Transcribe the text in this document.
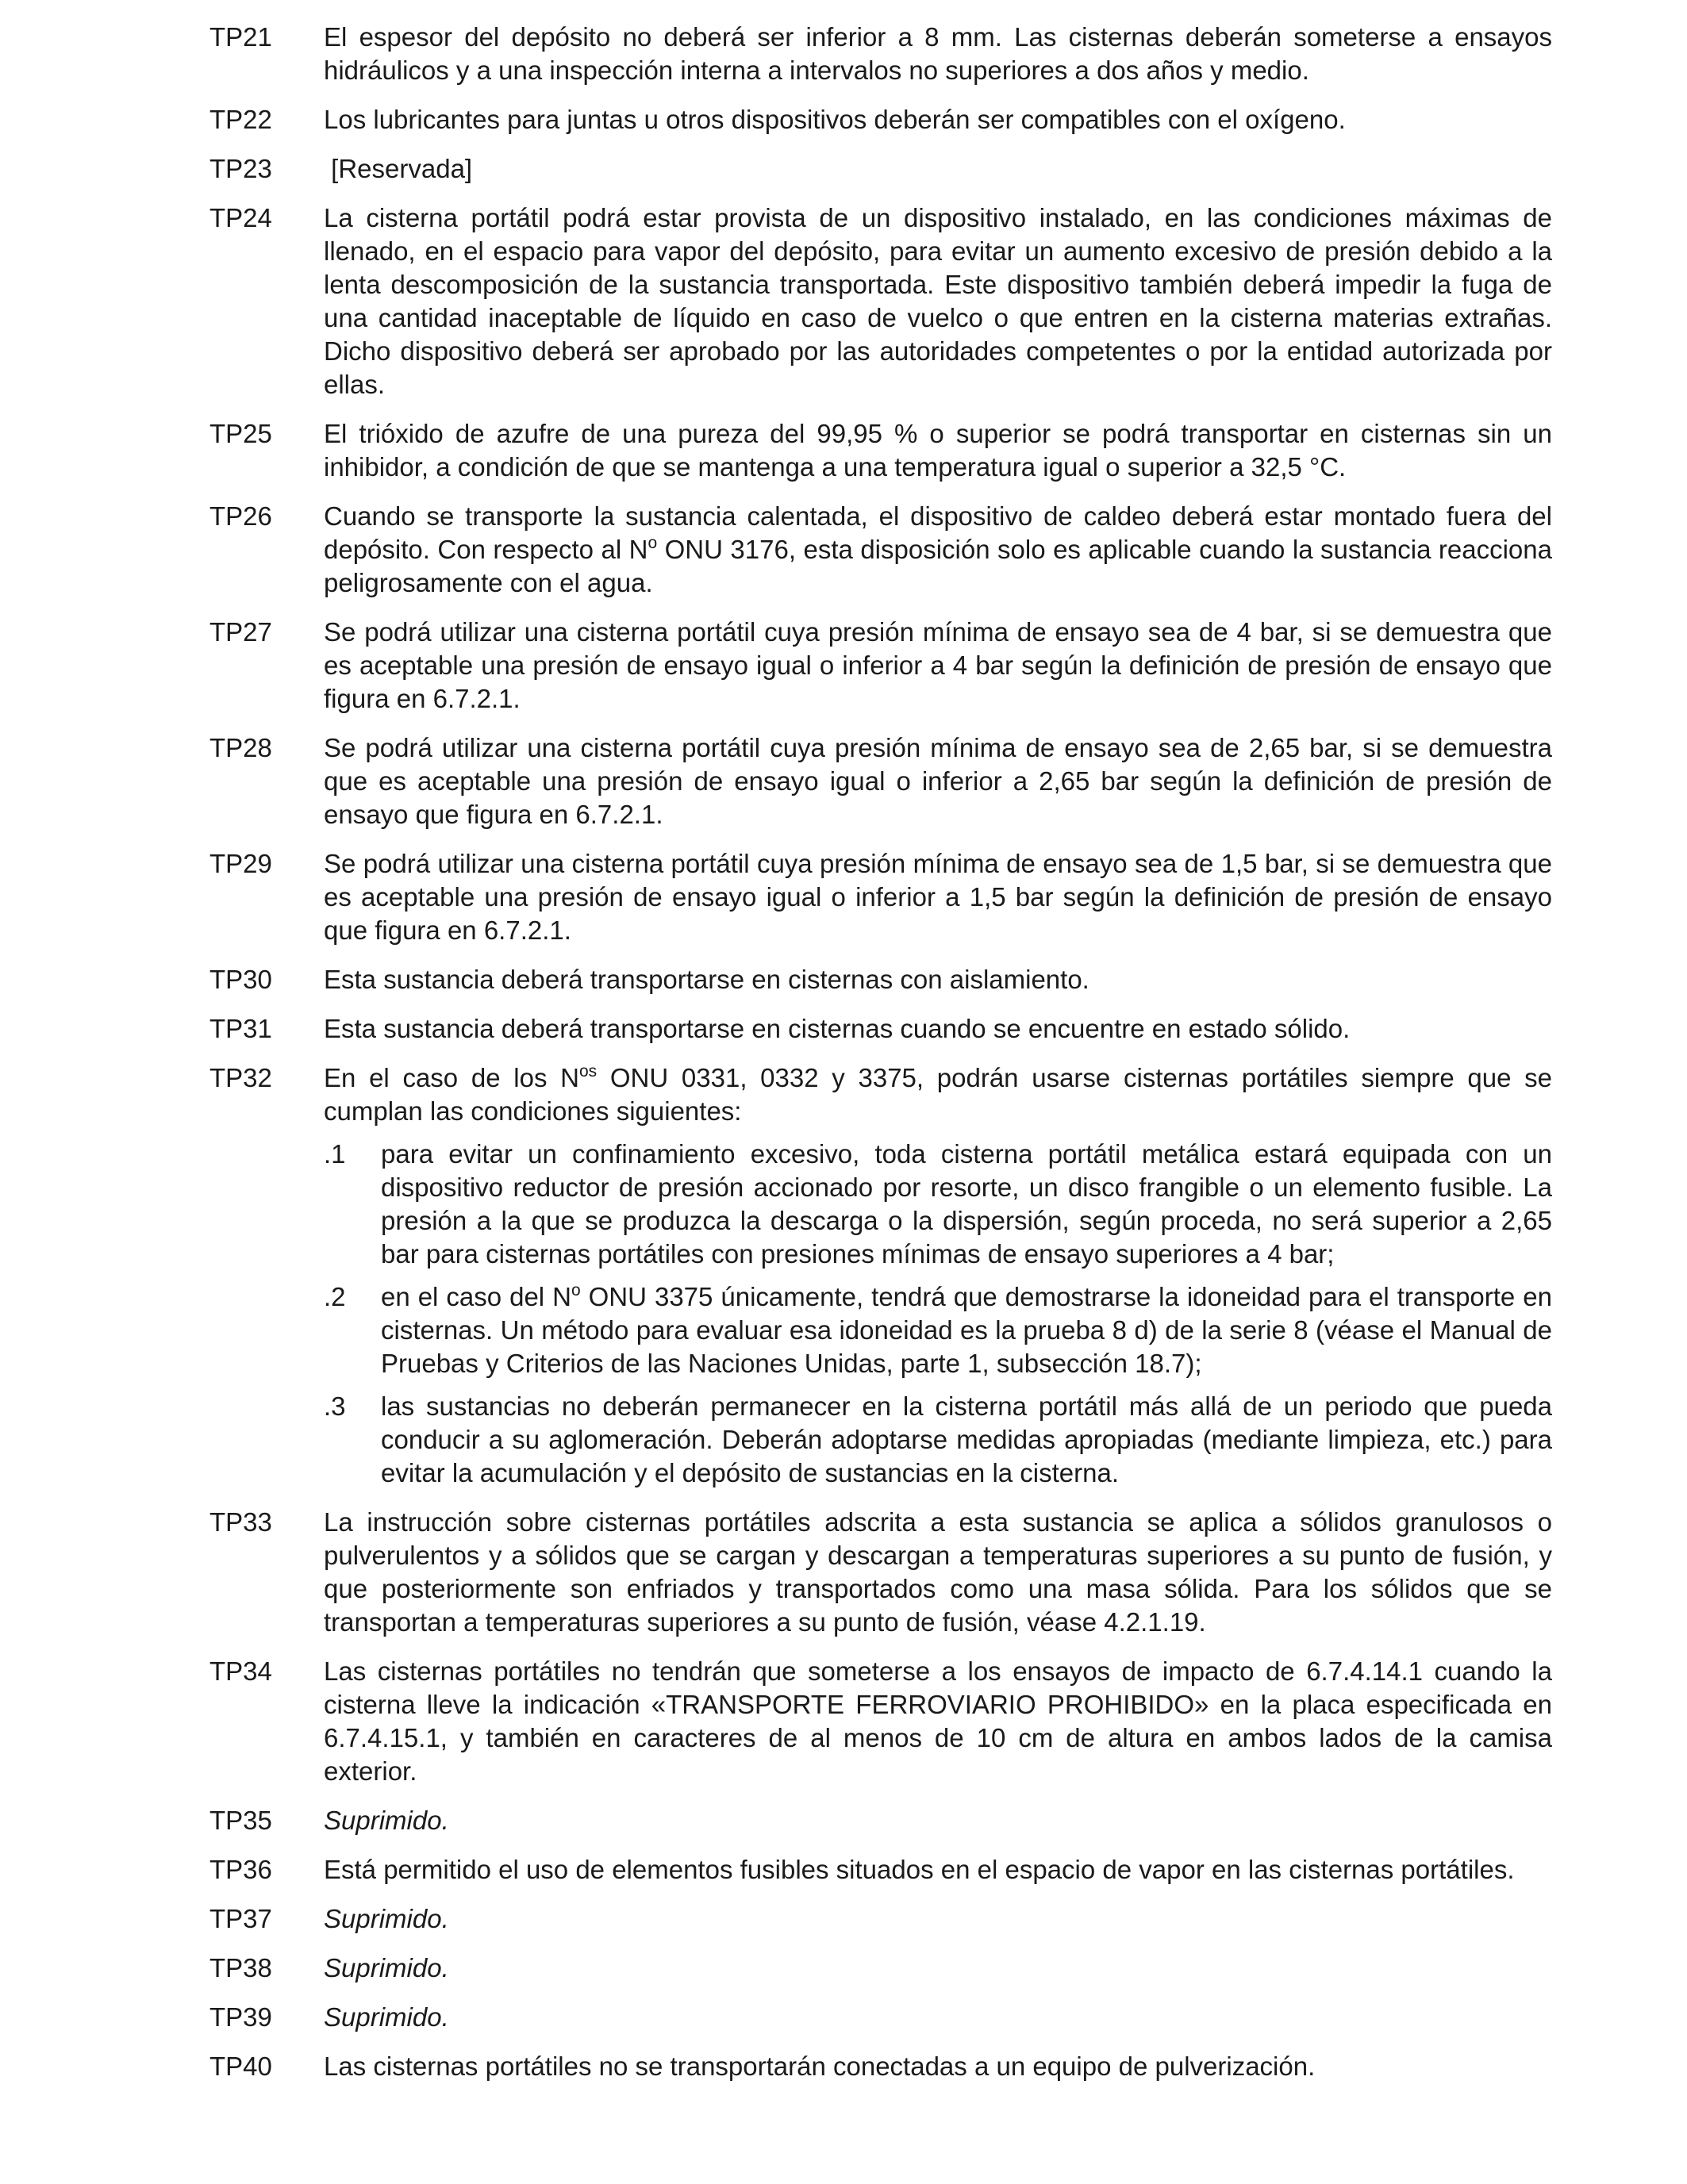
TP21	El espesor del depósito no deberá ser inferior a 8 mm. Las cisternas deberán someterse a ensayos hidráulicos y a una inspección interna a intervalos no superiores a dos años y medio.
TP22	Los lubricantes para juntas u otros dispositivos deberán ser compatibles con el oxígeno.
TP23	[Reservada]
TP24	La cisterna portátil podrá estar provista de un dispositivo instalado, en las condiciones máximas de llenado, en el espacio para vapor del depósito, para evitar un aumento excesivo de presión debido a la lenta descomposición de la sustancia transportada. Este dispositivo también deberá impedir la fuga de una cantidad inaceptable de líquido en caso de vuelco o que entren en la cisterna materias extrañas. Dicho dispositivo deberá ser aprobado por las autoridades competentes o por la entidad autorizada por ellas.
TP25	El trióxido de azufre de una pureza del 99,95 % o superior se podrá transportar en cisternas sin un inhibidor, a condición de que se mantenga a una temperatura igual o superior a 32,5 °C.
TP26	Cuando se transporte la sustancia calentada, el dispositivo de caldeo deberá estar montado fuera del depósito. Con respecto al $N^o$ ONU 3176, esta disposición solo es aplicable cuando la sustancia reacciona peligrosamente con el agua.
TP27	Se podrá utilizar una cisterna portátil cuya presión mínima de ensayo sea de 4 bar, si se demuestra que es aceptable una presión de ensayo igual o inferior a 4 bar según la definición de presión de ensayo que figura en 6.7.2.1.
TP28	Se podrá utilizar una cisterna portátil cuya presión mínima de ensayo sea de 2,65 bar, si se demuestra que es aceptable una presión de ensayo igual o inferior a 2,65 bar según la definición de presión de ensayo que figura en 6.7.2.1.
TP29	Se podrá utilizar una cisterna portátil cuya presión mínima de ensayo sea de 1,5 bar, si se demuestra que es aceptable una presión de ensayo igual o inferior a 1,5 bar según la definición de presión de ensayo que figura en 6.7.2.1.
TP30	Esta sustancia deberá transportarse en cisternas con aislamiento.
TP31	Esta sustancia deberá transportarse en cisternas cuando se encuentre en estado sólido.
TP32	En el caso de los $N^{os}$ ONU 0331, 0332 y 3375, podrán usarse cisternas portátiles siempre que se cumplan las condiciones siguientes:
.1	para evitar un confinamiento excesivo, toda cisterna portátil metálica estará equipada con un dispositivo reductor de presión accionado por resorte, un disco frangible o un elemento fusible. La presión a la que se produzca la descarga o la dispersión, según proceda, no será superior a 2,65 bar para cisternas portátiles con presiones mínimas de ensayo superiores a 4 bar;
.2	en el caso del $N^o$ ONU 3375 únicamente, tendrá que demostrarse la idoneidad para el transporte en cisternas. Un método para evaluar esa idoneidad es la prueba 8 d) de la serie 8 (véase el Manual de Pruebas y Criterios de las Naciones Unidas, parte 1, subsección 18.7);
.3	las sustancias no deberán permanecer en la cisterna portátil más allá de un periodo que pueda conducir a su aglomeración. Deberán adoptarse medidas apropiadas (mediante limpieza, etc.) para evitar la acumulación y el depósito de sustancias en la cisterna.
TP33	La instrucción sobre cisternas portátiles adscrita a esta sustancia se aplica a sólidos granulosos o pulverulentos y a sólidos que se cargan y descargan a temperaturas superiores a su punto de fusión, y que posteriormente son enfriados y transportados como una masa sólida. Para los sólidos que se transportan a temperaturas superiores a su punto de fusión, véase 4.2.1.19.
TP34	Las cisternas portátiles no tendrán que someterse a los ensayos de impacto de 6.7.4.14.1 cuando la cisterna lleve la indicación «TRANSPORTE FERROVIARIO PROHIBIDO» en la placa especificada en 6.7.4.15.1, y también en caracteres de al menos de 10 cm de altura en ambos lados de la camisa exterior.
TP35	Suprimido.
TP36	Está permitido el uso de elementos fusibles situados en el espacio de vapor en las cisternas portátiles.
TP37	Suprimido.
TP38	Suprimido.
TP39	Suprimido.
TP40	Las cisternas portátiles no se transportarán conectadas a un equipo de pulverización.
